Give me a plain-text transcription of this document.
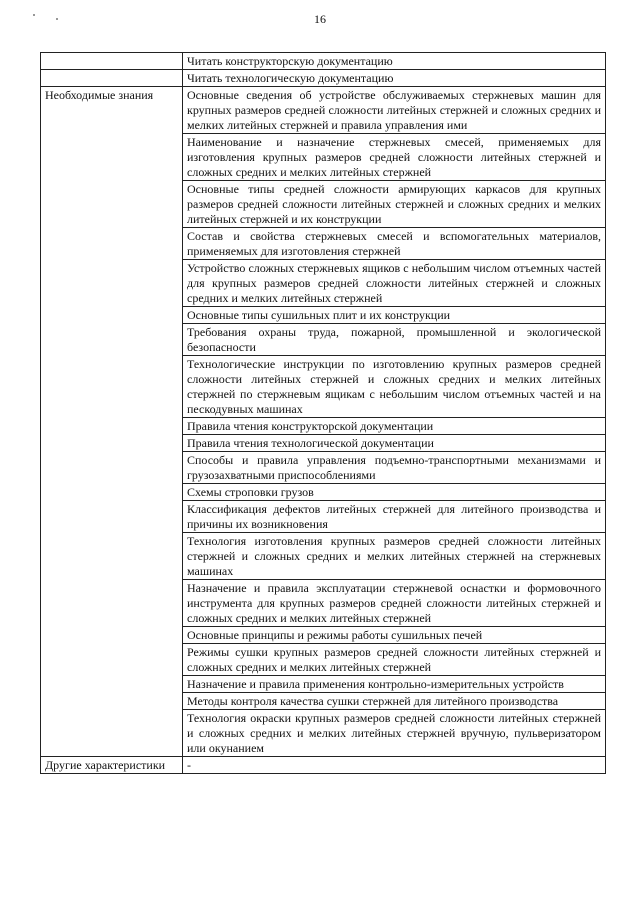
16
	Читать конструкторскую документацию
	Читать технологическую документацию
Необходимые знания	Основные сведения об устройстве обслуживаемых стержневых машин для крупных размеров средней сложности литейных стержней и сложных средних и мелких литейных стержней и правила управления ими
	Наименование и назначение стержневых смесей, применяемых для изготовления крупных размеров средней сложности литейных стержней и сложных средних и мелких литейных стержней
	Основные типы средней сложности армирующих каркасов для крупных размеров средней сложности литейных стержней и сложных средних и мелких литейных стержней и их конструкции
	Состав и свойства стержневых смесей и вспомогательных материалов, применяемых для изготовления стержней
	Устройство сложных стержневых ящиков с небольшим числом отъемных частей для крупных размеров средней сложности литейных стержней и сложных средних и мелких литейных стержней
	Основные типы сушильных плит и их конструкции
	Требования охраны труда, пожарной, промышленной и экологической безопасности
	Технологические инструкции по изготовлению крупных размеров средней сложности литейных стержней и сложных средних и мелких литейных стержней по стержневым ящикам с небольшим числом отъемных частей и на пескодувных машинах
	Правила чтения конструкторской документации
	Правила чтения технологической документации
	Способы и правила управления подъемно-транспортными механизмами и грузозахватными приспособлениями
	Схемы строповки грузов
	Классификация дефектов литейных стержней для литейного производства и причины их возникновения
	Технология изготовления крупных размеров средней сложности литейных стержней и сложных средних и мелких литейных стержней на стержневых машинах
	Назначение и правила эксплуатации стержневой оснастки и формовочного инструмента для крупных размеров средней сложности литейных стержней и сложных средних и мелких литейных стержней
	Основные принципы и режимы работы сушильных печей
	Режимы сушки крупных размеров средней сложности литейных стержней и сложных средних и мелких литейных стержней
	Назначение и правила применения контрольно-измерительных устройств
	Методы контроля качества сушки стержней для литейного производства
	Технология окраски крупных размеров средней сложности литейных стержней и сложных средних и мелких литейных стержней вручную, пульверизатором или окунанием
Другие характеристики	-
